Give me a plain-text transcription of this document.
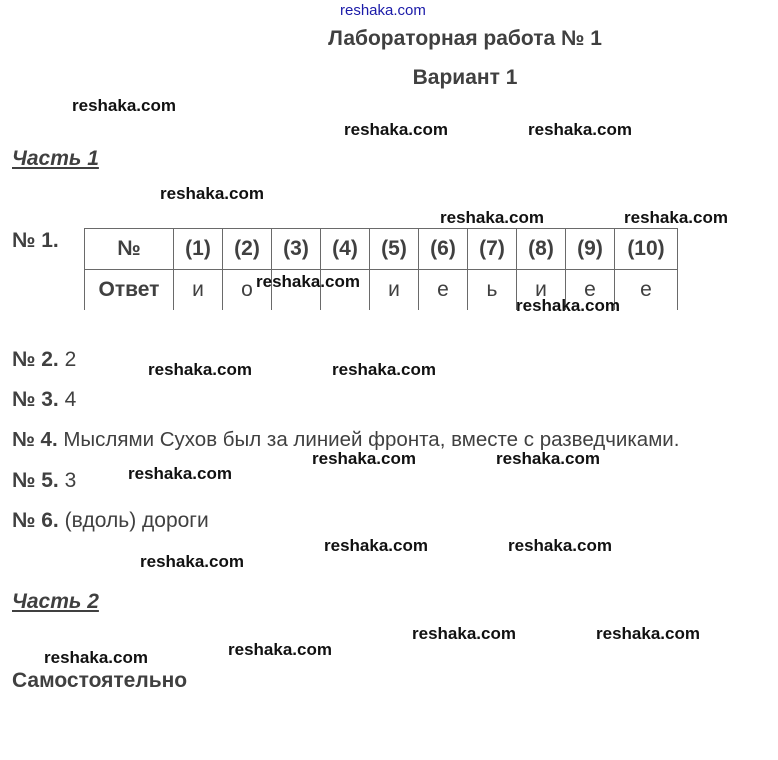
reshaka.com
Лабораторная работа № 1
Вариант 1
Часть 1
№ 1.	№	(1)	(2)	(3)	(4)	(5)	(6)	(7)	(8)	(9)	(10)
Ответ	и	о			и	е	ь	и	е	е
№ 2. 2
№ 3. 4
№ 4. Мыслями Сухов был за линией фронта, вместе с разведчиками.
№ 5. 3
№ 6. (вдоль) дороги
Часть 2
Самостоятельно
reshaka.com
reshaka.com	reshaka.com
reshaka.com
reshaka.com	reshaka.com
reshaka.com
reshaka.com
reshaka.com	reshaka.com
reshaka.com	reshaka.com
reshaka.com
reshaka.com	reshaka.com
reshaka.com
reshaka.com	reshaka.com
reshaka.com
reshaka.com
